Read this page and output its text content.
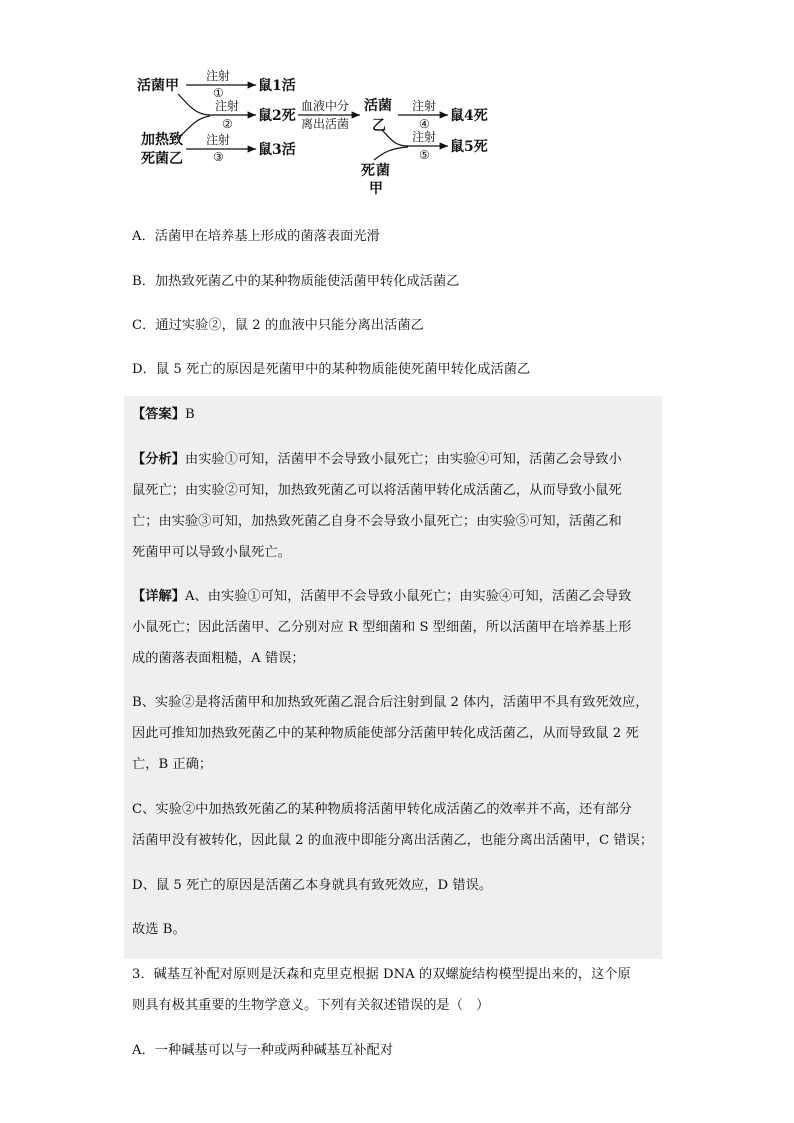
活菌甲
注射
① 鼠1活
注射
② 鼠2死
加热致
死菌乙
注射
③ 鼠3活
血液中分
离出活菌
活菌
乙
注射
④ 鼠4死
注射
⑤ 鼠5死
死 菌
甲
A．活菌甲在培养基上形成的菌落表面光滑
B．加热致死菌乙中的某种物质能使活菌甲转化成活菌乙
C．通过实验②，鼠 2 的血液中只能分离出活菌乙
D．鼠 5 死亡的原因是死菌甲中的某种物质能使死菌甲转化成活菌乙
【答案】B
【分析】由实验①可知，活菌甲不会导致小鼠死亡；由实验④可知，活菌乙会导致小
鼠死亡；由实验②可知，加热致死菌乙可以将活菌甲转化成活菌乙，从而导致小鼠死
亡；由实验③可知，加热致死菌乙自身不会导致小鼠死亡；由实验⑤可知，活菌乙和
死菌甲可以导致小鼠死亡。
【详解】A、由实验①可知，活菌甲不会导致小鼠死亡；由实验④可知，活菌乙会导致
小鼠死亡；因此活菌甲、乙分别对应 R 型细菌和 S 型细菌，所以活菌甲在培养基上形
成的菌落表面粗糙，A 错误；
B、实验②是将活菌甲和加热致死菌乙混合后注射到鼠 2 体内，活菌甲不具有致死效应，
因此可推知加热致死菌乙中的某种物质能使部分活菌甲转化成活菌乙，从而导致鼠 2 死
亡，B 正确；
C、实验②中加热致死菌乙的某种物质将活菌甲转化成活菌乙的效率并不高，还有部分
活菌甲没有被转化，因此鼠 2 的血液中即能分离出活菌乙，也能分离出活菌甲，C 错误；
D、鼠 5 死亡的原因是活菌乙本身就具有致死效应，D 错误。
故选 B。
3．碱基互补配对原则是沃森和克里克根据 DNA 的双螺旋结构模型提出来的，这个原
则具有极其重要的生物学意义。下列有关叙述错误的是（　）
A．一种碱基可以与一种或两种碱基互补配对
